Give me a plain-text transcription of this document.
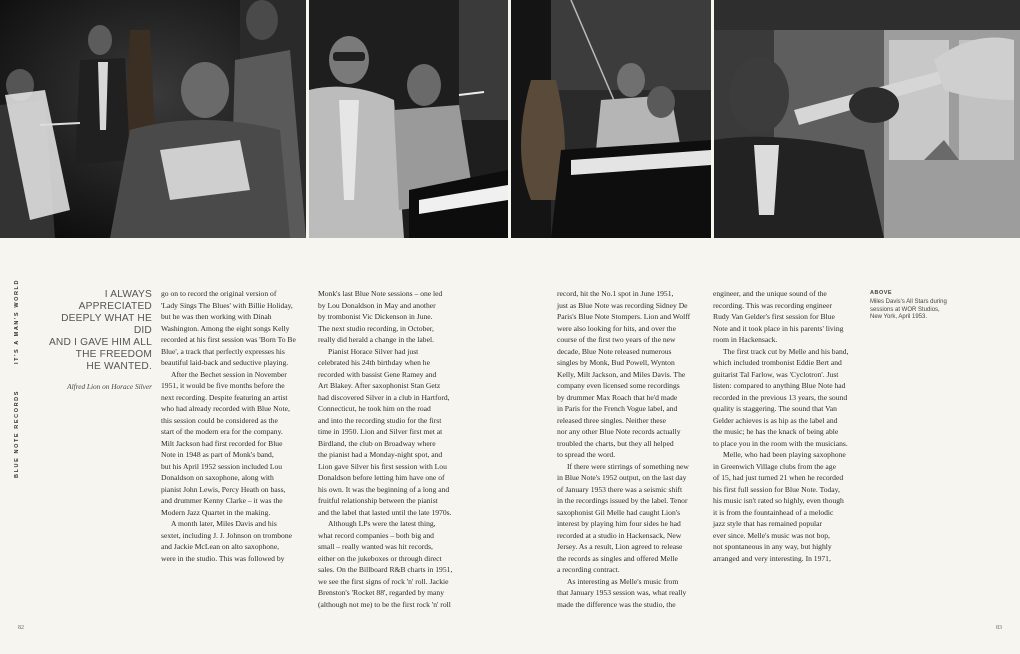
BLUE NOTE RECORDS
IT'S A MAN'S WORLD	I ALWAYS APPRECIATED
DEEPLY WHAT HE DID
AND I GAVE HIM ALL
THE FREEDOM
HE WANTED.
Alfred Lion on Horace Silver

go on to record the original version of
'Lady Sings The Blues' with Billie Holiday,
but he was then working with Dinah
Washington. Among the eight songs Kelly
recorded at his first session was 'Born To Be
Blue', a track that perfectly expresses his
beautiful laid-back and seductive playing.

After the Bechet session in November
1951, it would be five months before the
next recording. Despite featuring an artist
who had already recorded with Blue Note,
this session could be considered as the
start of the modern era for the company.
Milt Jackson had first recorded for Blue
Note in 1948 as part of Monk's band,
but his April 1952 session included Lou
Donaldson on saxophone, along with
pianist John Lewis, Percy Heath on bass,
and drummer Kenny Clarke – it was the
Modern Jazz Quartet in the making.

A month later, Miles Davis and his
sextet, including J. J. Johnson on trombone
and Jackie McLean on alto saxophone,
were in the studio. This was followed by

Monk's last Blue Note sessions – one led
by Lou Donaldson in May and another
by trombonist Vic Dickenson in June.
The next studio recording, in October,
really did herald a change in the label.

Pianist Horace Silver had just
celebrated his 24th birthday when he
recorded with bassist Gene Ramey and
Art Blakey. After saxophonist Stan Getz
had discovered Silver in a club in Hartford,
Connecticut, he took him on the road
and into the recording studio for the first
time in 1950. Lion and Silver first met at
Birdland, the club on Broadway where
the pianist had a Monday-night spot, and
Lion gave Silver his first session with Lou
Donaldson before letting him have one of
his own. It was the beginning of a long and
fruitful relationship between the pianist
and the label that lasted until the late 1970s.

Although LPs were the latest thing,
what record companies – both big and
small – really wanted was hit records,
either on the jukeboxes or through direct
sales. On the Billboard R&B charts in 1951,
we see the first signs of rock 'n' roll. Jackie
Brenston's 'Rocket 88', regarded by many
(although not me) to be the first rock 'n' roll

record, hit the No.1 spot in June 1951,
just as Blue Note was recording Sidney De
Paris's Blue Note Stompers. Lion and Wolff
were also looking for hits, and over the
course of the first two years of the new
decade, Blue Note released numerous
singles by Monk, Bud Powell, Wynton
Kelly, Milt Jackson, and Miles Davis. The
company even licensed some recordings
by drummer Max Roach that he'd made
in Paris for the French Vogue label, and
released three singles. Neither these
nor any other Blue Note records actually
troubled the charts, but they all helped
to spread the word.

If there were stirrings of something new
in Blue Note's 1952 output, on the last day
of January 1953 there was a seismic shift
in the recordings issued by the label. Tenor
saxophonist Gil Melle had caught Lion's
interest by playing him four sides he had
recorded at a studio in Hackensack, New
Jersey. As a result, Lion agreed to release
the records as singles and offered Melle
a recording contract.

As interesting as Melle's music from
that January 1953 session was, what really
made the difference was the studio, the

engineer, and the unique sound of the
recording. This was recording engineer
Rudy Van Gelder's first session for Blue
Note and it took place in his parents' living
room in Hackensack.

The first track cut by Melle and his band,
which included trombonist Eddie Bert and
guitarist Tal Farlow, was 'Cyclotron'. Just
listen: compared to anything Blue Note had
recorded in the previous 13 years, the sound
quality is staggering. The sound that Van
Gelder achieves is as hip as the label and
the music; he has the knack of being able
to place you in the room with the musicians.

Melle, who had been playing saxophone
in Greenwich Village clubs from the age
of 15, had just turned 21 when he recorded
his first full session for Blue Note. Today,
his music isn't rated so highly, even though
it is from the fountainhead of a melodic
jazz style that has remained popular
ever since. Melle's music was not bop,
not spontaneous in any way, but highly
arranged and very interesting. In 1971,

ABOVE
Miles Davis's All Stars during
sessions at WOR Studios,
New York, April 1953.
82	83
